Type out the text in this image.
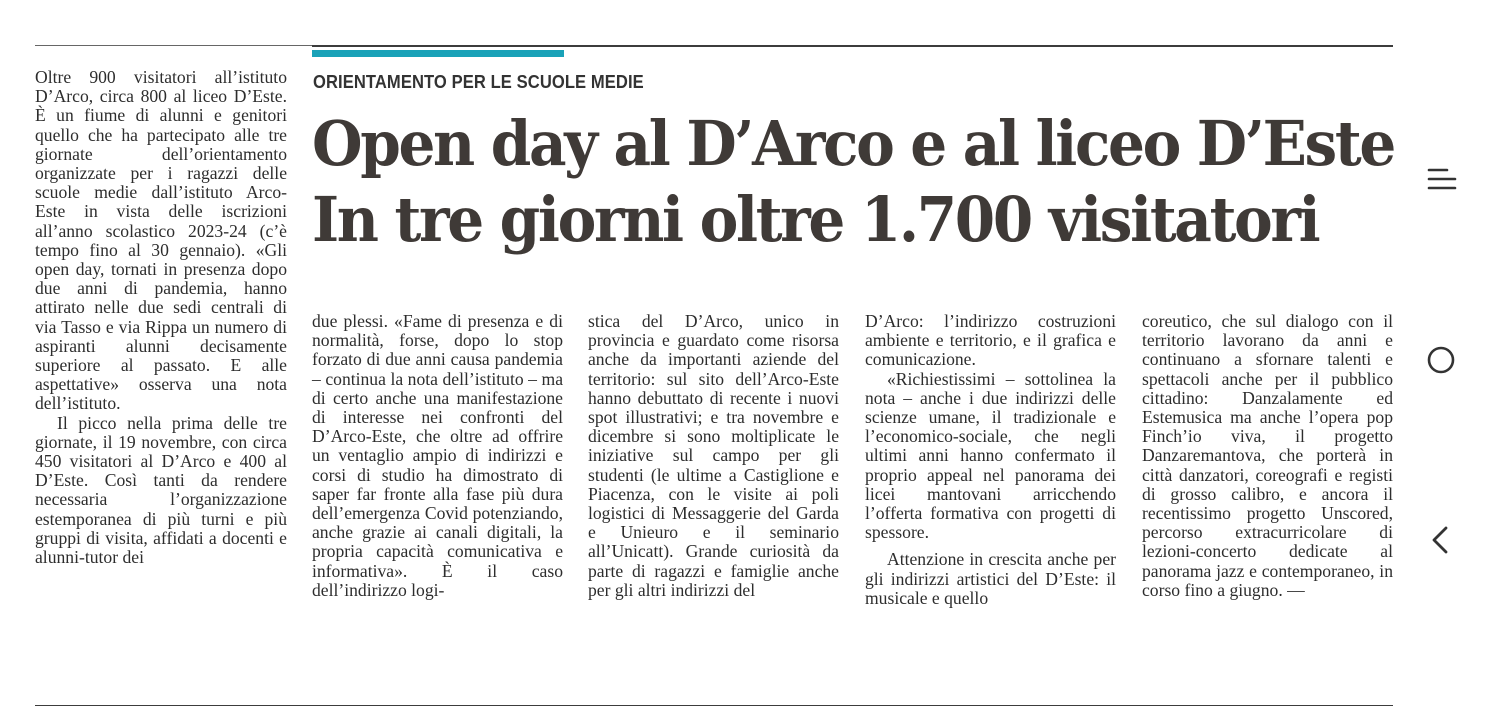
ORIENTAMENTO PER LE SCUOLE MEDIE
Open day al D’Arco e al liceo D’Este
In tre giorni oltre 1.700 visitatori

Oltre 900 visitatori all’istituto D’Arco, circa 800 al liceo D’Este. È un fiume di alunni e genitori quello che ha partecipato alle tre giornate dell’orientamento organizzate per i ragazzi delle scuole medie dall’istituto Arco-Este in vista delle iscrizioni all’anno scolastico 2023-24 (c’è tempo fino al 30 gennaio). «Gli open day, tornati in presenza dopo due anni di pandemia, hanno attirato nelle due sedi centrali di via Tasso e via Rippa un numero di aspiranti alunni decisamente superiore al passato. E alle aspettative» osserva una nota dell’istituto.

Il picco nella prima delle tre giornate, il 19 novembre, con circa 450 visitatori al D’Arco e 400 al D’Este. Così tanti da rendere necessaria l’organizzazione estemporanea di più turni e più gruppi di visita, affidati a docenti e alunni-tutor dei

due plessi. «Fame di presenza e di normalità, forse, dopo lo stop forzato di due anni causa pandemia – continua la nota dell’istituto – ma di certo anche una manifestazione di interesse nei confronti del D’Arco-Este, che oltre ad offrire un ventaglio ampio di indirizzi e corsi di studio ha dimostrato di saper far fronte alla fase più dura dell’emergenza Covid potenziando, anche grazie ai canali digitali, la propria capacità comunicativa e informativa». È il caso dell’indirizzo logi-

stica del D’Arco, unico in provincia e guardato come risorsa anche da importanti aziende del territorio: sul sito dell’Arco-Este hanno debuttato di recente i nuovi spot illustrativi; e tra novembre e dicembre si sono moltiplicate le iniziative sul campo per gli studenti (le ultime a Castiglione e Piacenza, con le visite ai poli logistici di Messaggerie del Garda e Unieuro e il seminario all’Unicatt). Grande curiosità da parte di ragazzi e famiglie anche per gli altri indirizzi del

D’Arco: l’indirizzo costruzioni ambiente e territorio, e il grafica e comunicazione.

«Richiestissimi – sottolinea la nota – anche i due indirizzi delle scienze umane, il tradizionale e l’economico-sociale, che negli ultimi anni hanno confermato il proprio appeal nel panorama dei licei mantovani arricchendo l’offerta formativa con progetti di spessore.

Attenzione in crescita anche per gli indirizzi artistici del D’Este: il musicale e quello

coreutico, che sul dialogo con il territorio lavorano da anni e continuano a sfornare talenti e spettacoli anche per il pubblico cittadino: Danzalamente ed Estemusica ma anche l’opera pop Finch’io viva, il progetto Danzaremantova, che porterà in città danzatori, coreografi e registi di grosso calibro, e ancora il recentissimo progetto Unscored, percorso extracurricolare di lezioni-concerto dedicate al panorama jazz e contemporaneo, in corso fino a giugno. —
